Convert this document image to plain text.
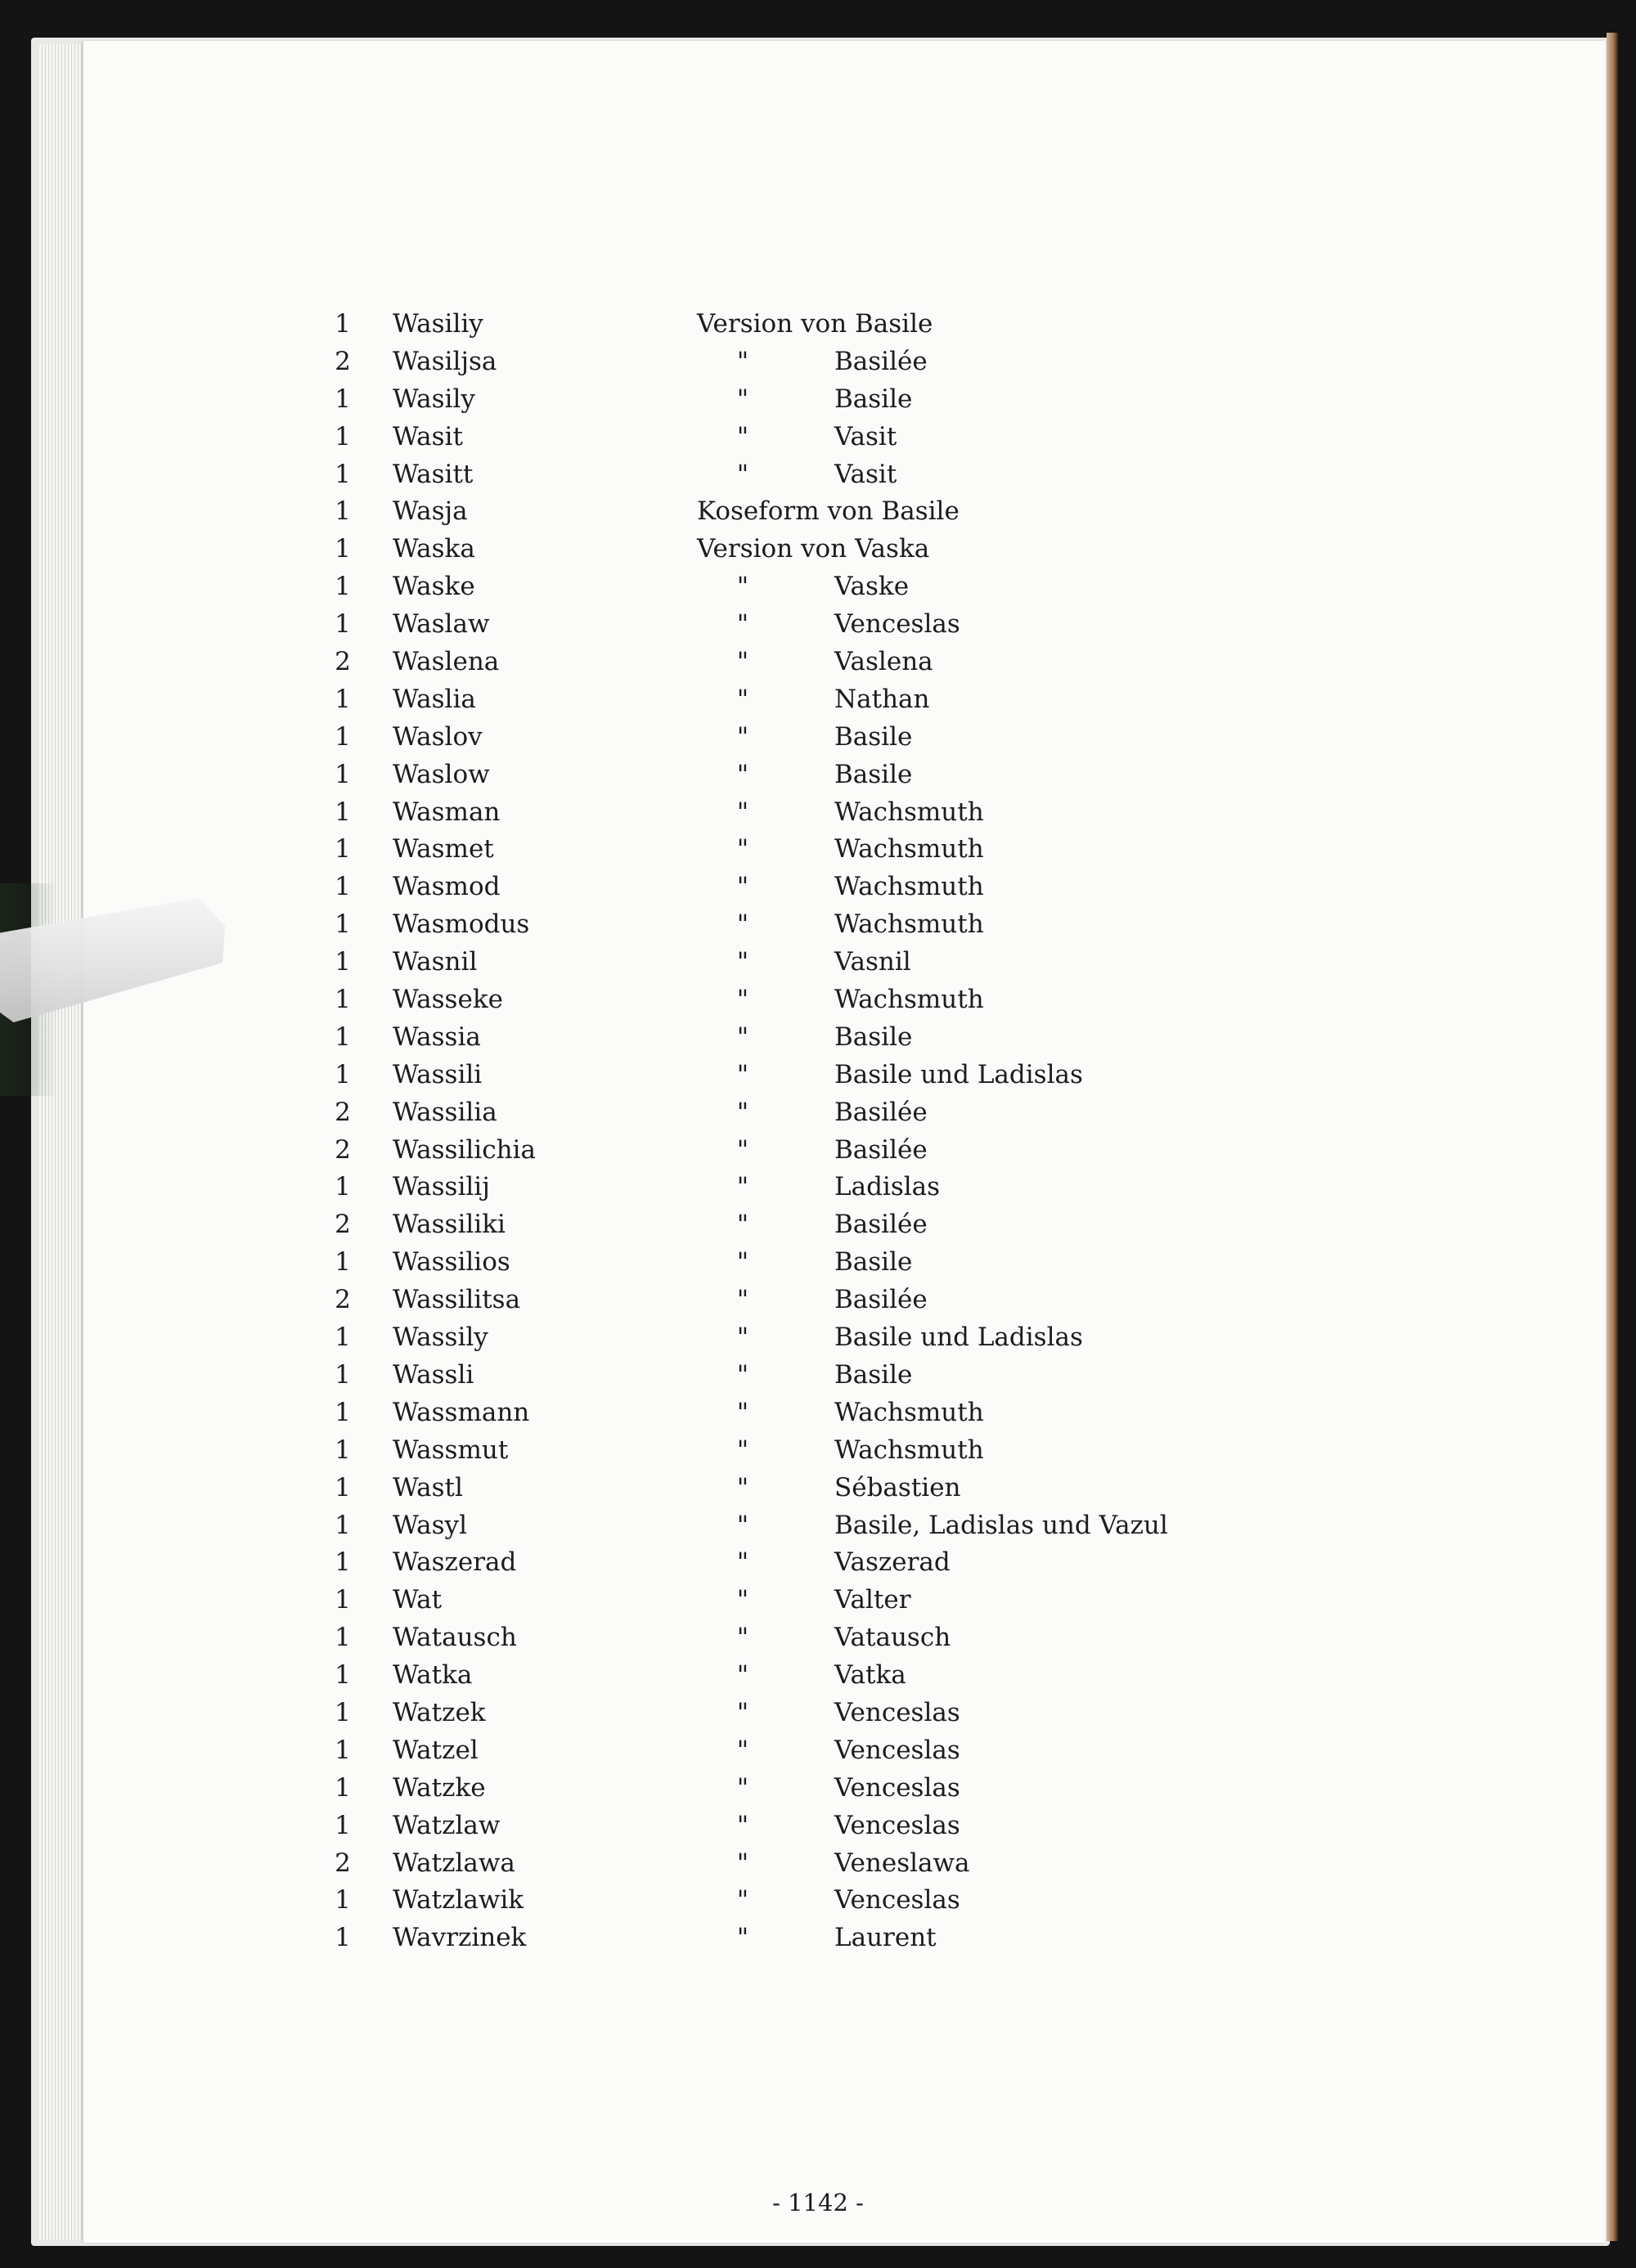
1 Wasiliy	Version von Basile
2 Wasiljsa	"	Basilée
1 Wasily	"	Basile
1 Wasit	"	Vasit
1 Wasitt	"	Vasit
1 Wasja	Koseform von Basile
1 Waska	Version von Vaska
1 Waske	"	Vaske
1 Waslaw	"	Venceslas
2 Waslena	"	Vaslena
1 Waslia	"	Nathan
1 Waslov	"	Basile
1 Waslow	"	Basile
1 Wasman	"	Wachsmuth
1 Wasmet	"	Wachsmuth
1 Wasmod	"	Wachsmuth
1 Wasmodus	"	Wachsmuth
1 Wasnil	"	Vasnil
1 Wasseke	"	Wachsmuth
1 Wassia	"	Basile
1 Wassili	"	Basile und Ladislas
2 Wassilia	"	Basilée
2 Wassilichia	"	Basilée
1 Wassilij	"	Ladislas
2 Wassiliki	"	Basilée
1 Wassilios	"	Basile
2 Wassilitsa	"	Basilée
1 Wassily	"	Basile und Ladislas
1 Wassli	"	Basile
1 Wassmann	"	Wachsmuth
1 Wassmut	"	Wachsmuth
1 Wastl	"	Sébastien
1 Wasyl	"	Basile, Ladislas und Vazul
1 Waszerad	"	Vaszerad
1 Wat	"	Valter
1 Watausch	"	Vatausch
1 Watka	"	Vatka
1 Watzek	"	Venceslas
1 Watzel	"	Venceslas
1 Watzke	"	Venceslas
1 Watzlaw	"	Venceslas
2 Watzlawa	"	Veneslawa
1 Watzlawik	"	Venceslas
1 Wavrzinek	"	Laurent
- 1142 -
